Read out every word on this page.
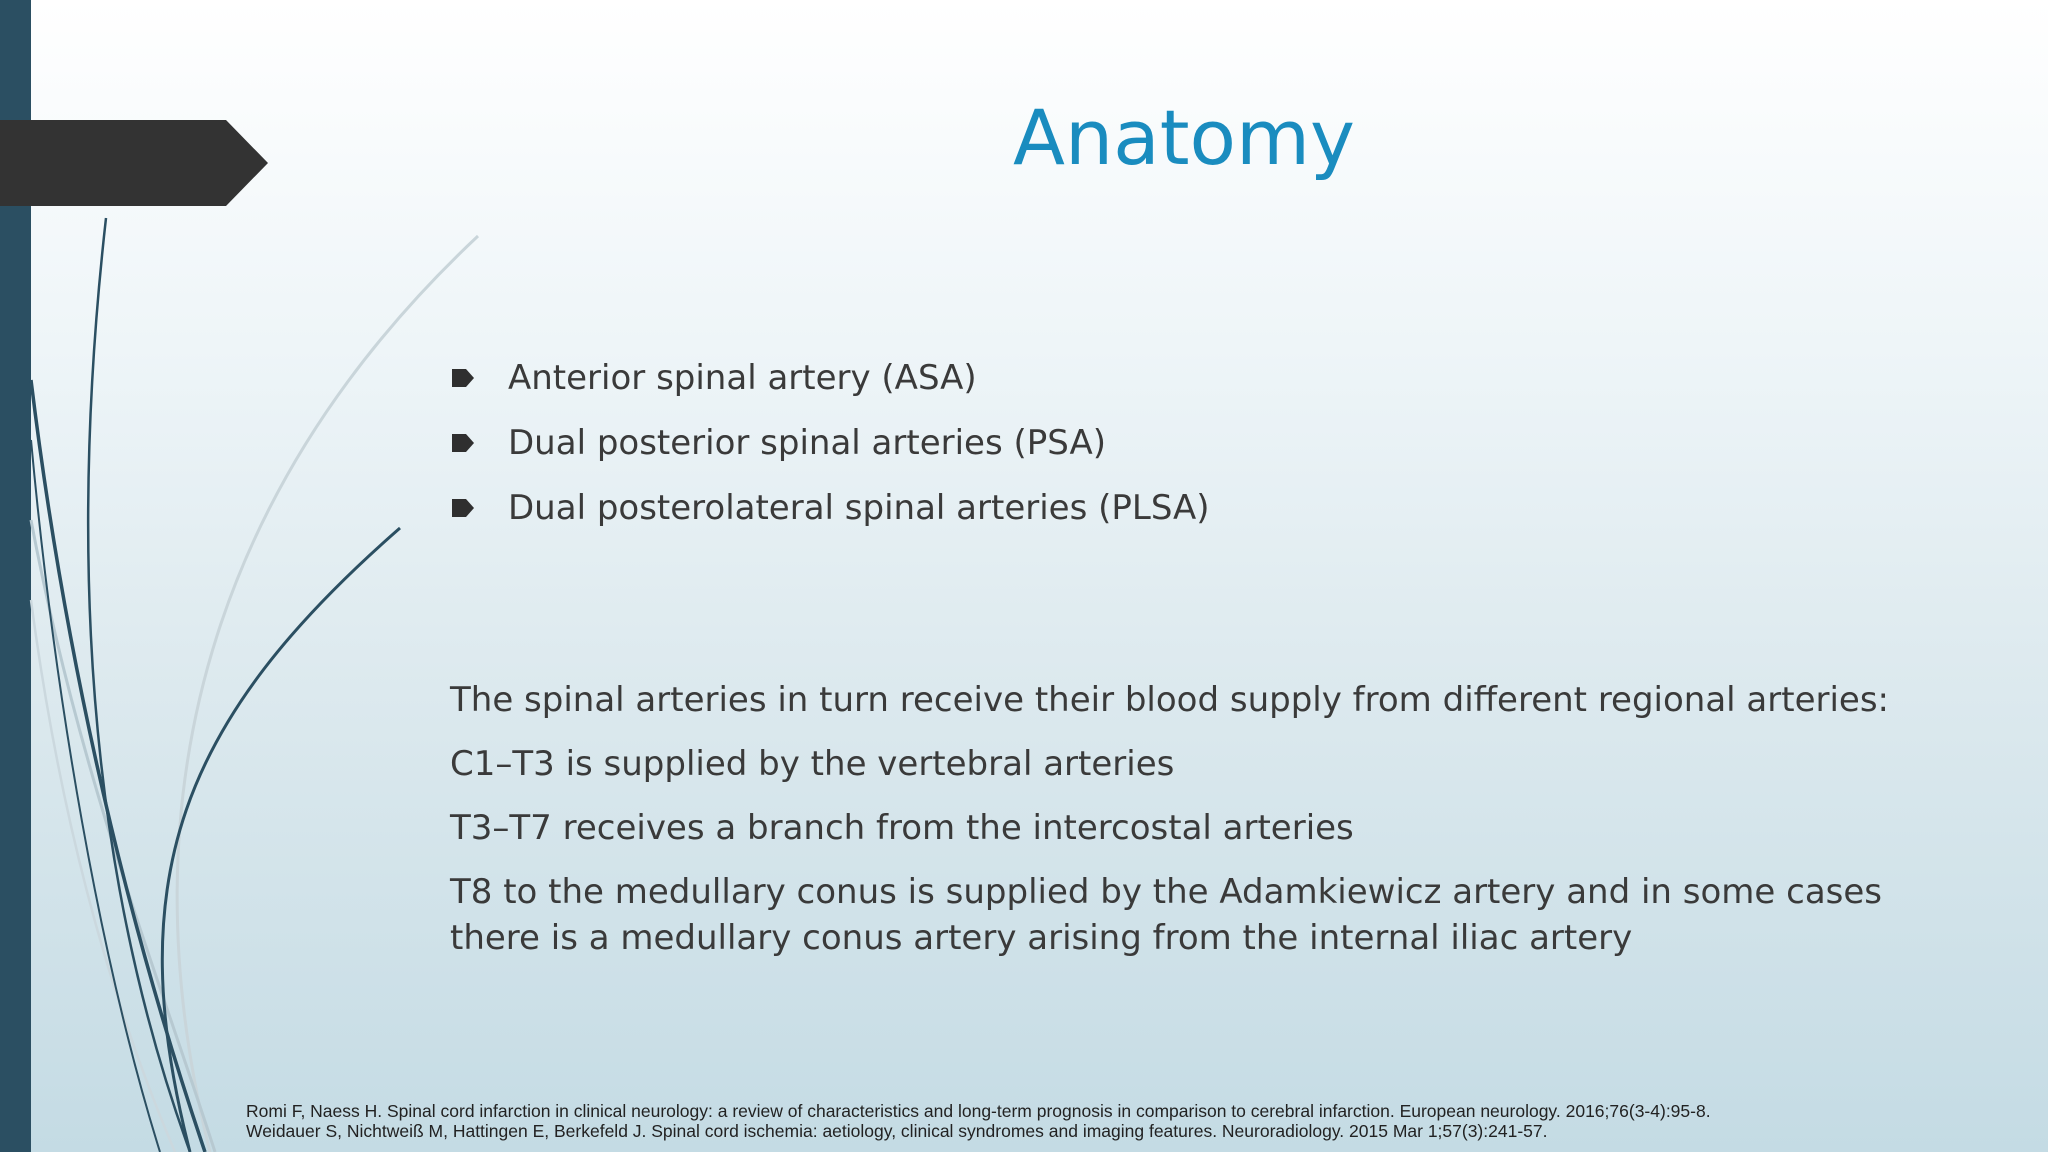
Anatomy
Anterior spinal artery (ASA)
Dual posterior spinal arteries (PSA)
Dual posterolateral spinal arteries (PLSA)

The spinal arteries in turn receive their blood supply from different regional arteries:

C1–T3 is supplied by the vertebral arteries

T3–T7 receives a branch from the intercostal arteries

T8 to the medullary conus is supplied by the Adamkiewicz artery and in some cases there is a medullary conus artery arising from the internal iliac artery

Romi F, Naess H. Spinal cord infarction in clinical neurology: a review of characteristics and long-term prognosis in comparison to cerebral infarction. European neurology. 2016;76(3-4):95-8.
Weidauer S, Nichtweiß M, Hattingen E, Berkefeld J. Spinal cord ischemia: aetiology, clinical syndromes and imaging features. Neuroradiology. 2015 Mar 1;57(3):241-57.
